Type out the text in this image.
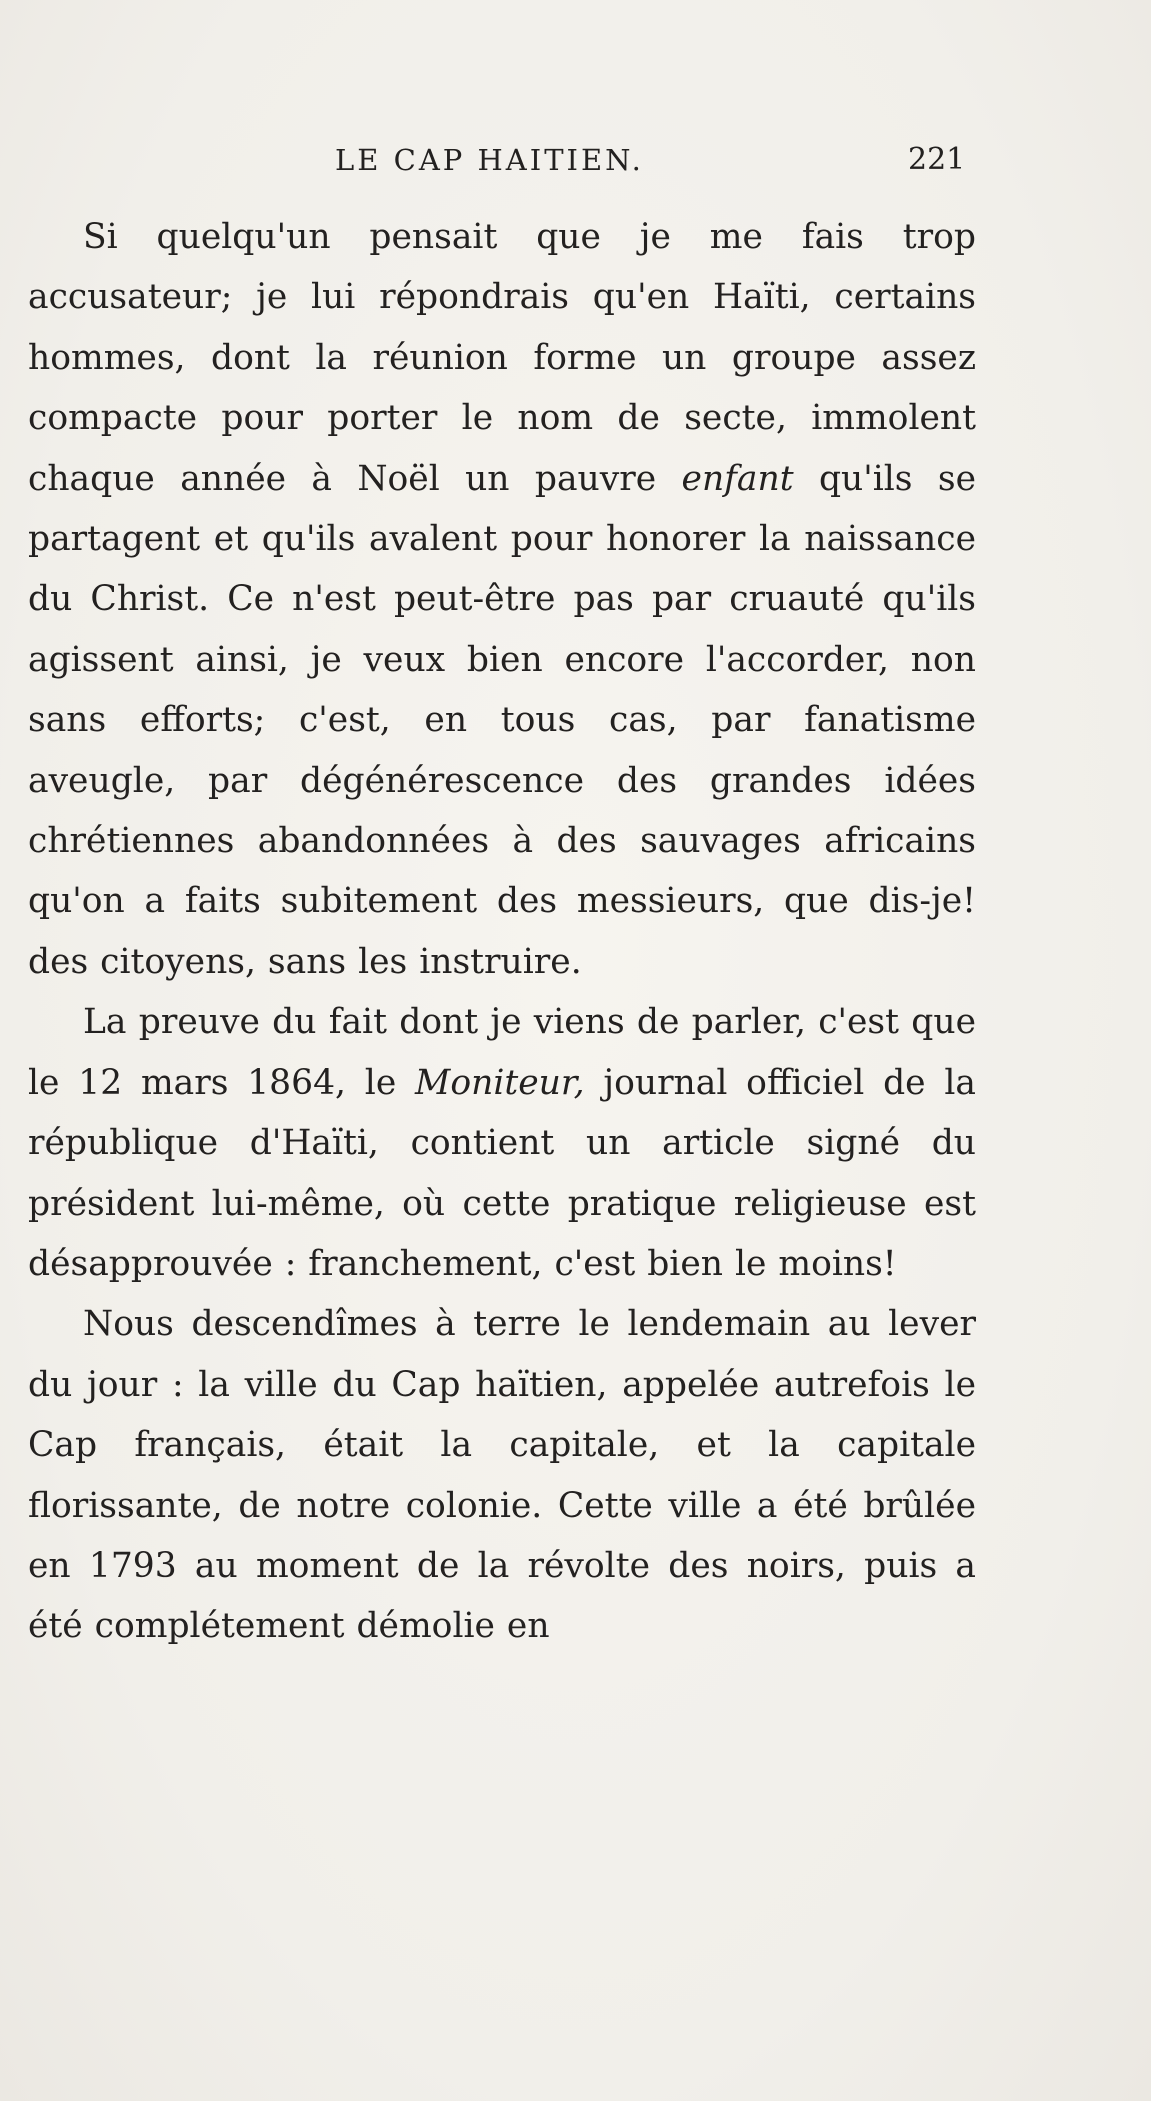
LE CAP HAITIEN.	221

Si quelqu'un pensait que je me fais trop accusateur; je lui répondrais qu'en Haïti, certains hommes, dont la réunion forme un groupe assez compacte pour porter le nom de secte, immolent chaque année à Noël un pauvre enfant qu'ils se partagent et qu'ils avalent pour honorer la naissance du Christ. Ce n'est peut-être pas par cruauté qu'ils agissent ainsi, je veux bien encore l'accorder, non sans efforts; c'est, en tous cas, par fanatisme aveugle, par dégénérescence des grandes idées chrétiennes abandonnées à des sauvages africains qu'on a faits subitement des messieurs, que dis-je! des citoyens, sans les instruire.

La preuve du fait dont je viens de parler, c'est que le 12 mars 1864, le Moniteur, journal officiel de la république d'Haïti, contient un article signé du président lui-même, où cette pratique religieuse est désapprouvée : franchement, c'est bien le moins!

Nous descendîmes à terre le lendemain au lever du jour : la ville du Cap haïtien, appelée autrefois le Cap français, était la capitale, et la capitale florissante, de notre colonie. Cette ville a été brûlée en 1793 au moment de la révolte des noirs, puis a été complétement démolie en
